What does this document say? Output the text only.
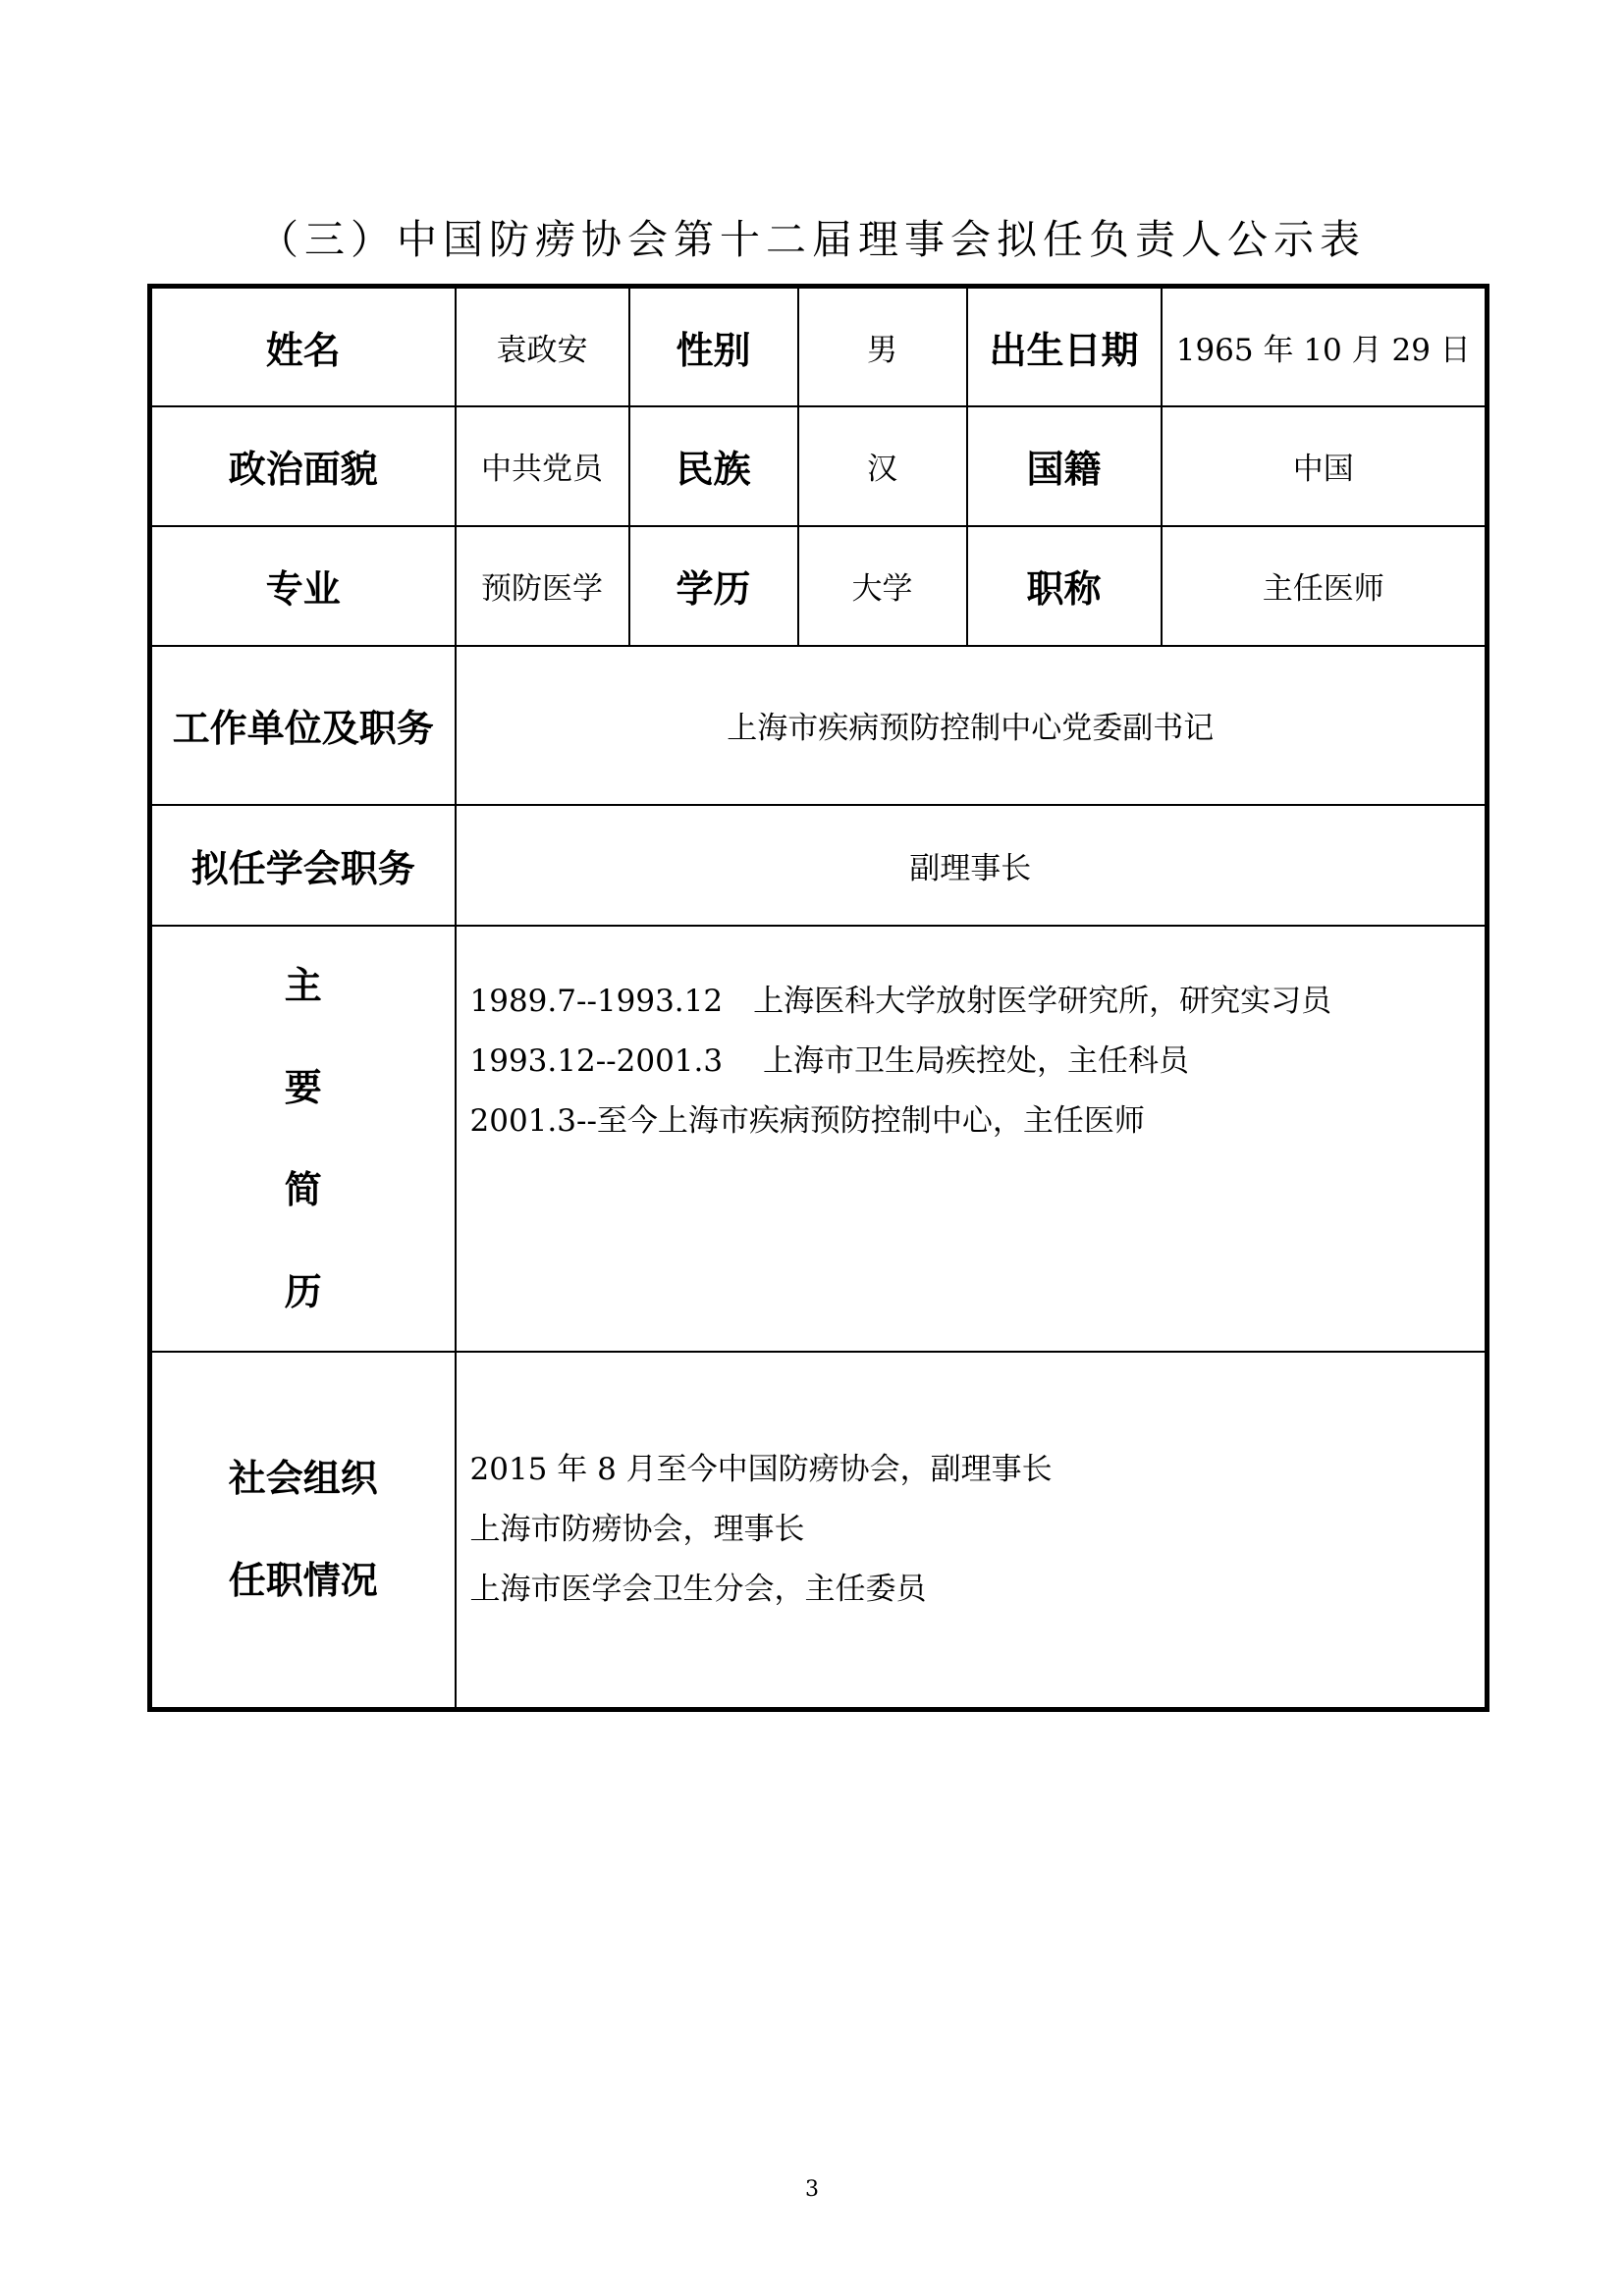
（三）中国防痨协会第十二届理事会拟任负责人公示表
姓名	袁政安	性别	男	出生日期	1965 年 10 月 29 日
政治面貌	中共党员	民族	汉	国籍	中国
专业	预防医学	学历	大学	职称	主任医师
工作单位及职务	上海市疾病预防控制中心党委副书记				
拟任学会职务	副理事长				

主
要
简
历	1989.7--1993.12　上海医科大学放射医学研究所，研究实习员
1993.12--2001.3　 上海市卫生局疾控处，主任科员
2001.3--至今上海市疾病预防控制中心，主任医师				

社会组织
任职情况	2015 年 8 月至今中国防痨协会，副理事长
上海市防痨协会，理事长
上海市医学会卫生分会，主任委员				
3
